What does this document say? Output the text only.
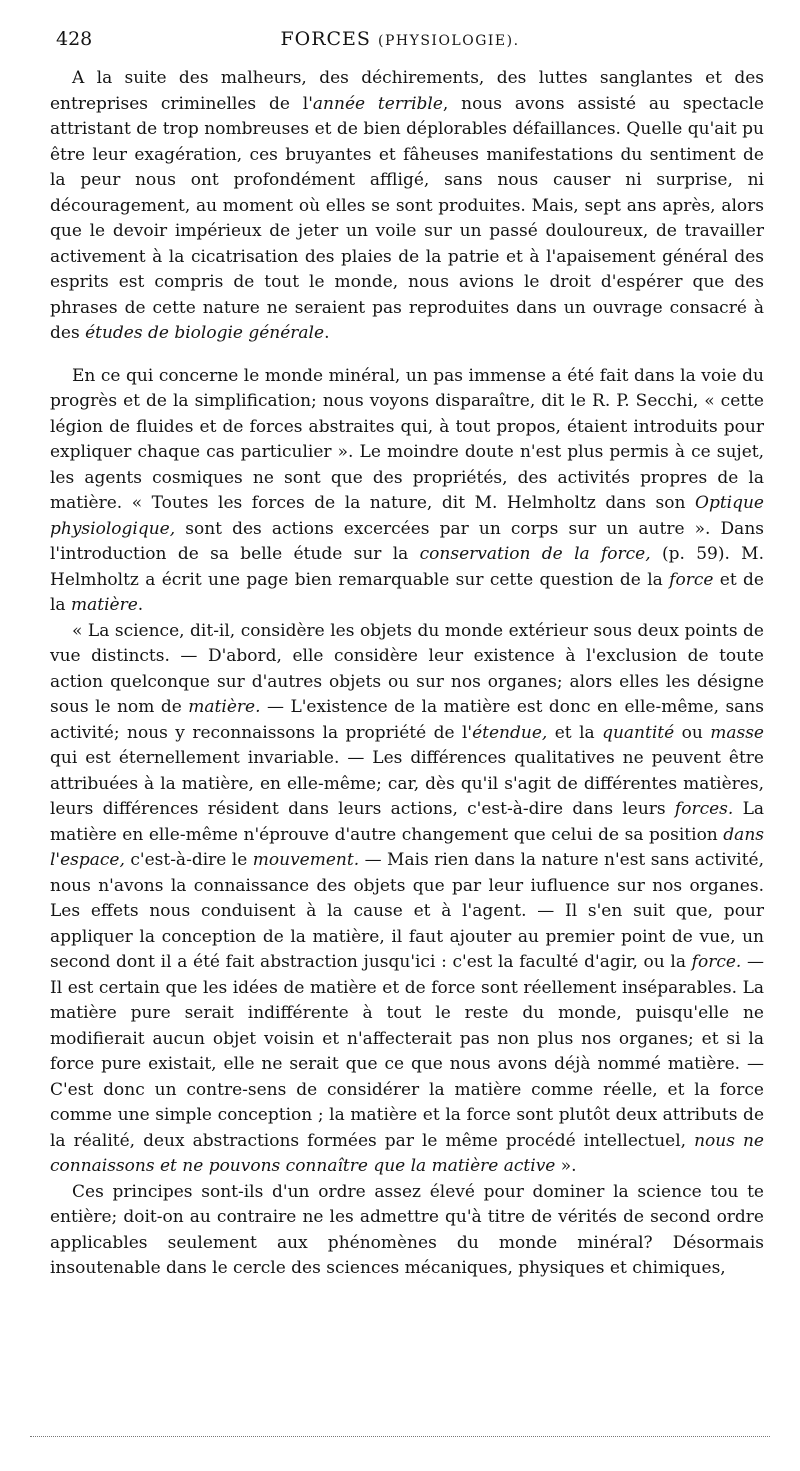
428	FORCES (PHYSIOLOGIE).

A la suite des malheurs, des déchirements, des luttes sanglantes et des entreprises criminelles de l'année terrible, nous avons assisté au spectacle attristant de trop nombreuses et de bien déplorables défaillances. Quelle qu'ait pu être leur exagération, ces bruyantes et fâheuses manifestations du sentiment de la peur nous ont profondément affligé, sans nous causer ni surprise, ni découragement, au moment où elles se sont produites. Mais, sept ans après, alors que le devoir impérieux de jeter un voile sur un passé douloureux, de travailler activement à la cicatrisation des plaies de la patrie et à l'apaisement général des esprits est compris de tout le monde, nous avions le droit d'espérer que des phrases de cette nature ne seraient pas reproduites dans un ouvrage consacré à des études de biologie générale.

En ce qui concerne le monde minéral, un pas immense a été fait dans la voie du progrès et de la simplification; nous voyons disparaître, dit le R. P. Secchi, « cette légion de fluides et de forces abstraites qui, à tout propos, étaient introduits pour expliquer chaque cas particulier ». Le moindre doute n'est plus permis à ce sujet, les agents cosmiques ne sont que des propriétés, des activités propres de la matière. « Toutes les forces de la nature, dit M. Helmholtz dans son Optique physiologique, sont des actions excercées par un corps sur un autre ». Dans l'introduction de sa belle étude sur la conservation de la force, (p. 59). M. Helmholtz a écrit une page bien remarquable sur cette question de la force et de la matière.

« La science, dit-il, considère les objets du monde extérieur sous deux points de vue distincts. — D'abord, elle considère leur existence à l'exclusion de toute action quelconque sur d'autres objets ou sur nos organes; alors elles les désigne sous le nom de matière. — L'existence de la matière est donc en elle-même, sans activité; nous y reconnaissons la propriété de l'étendue, et la quantité ou masse qui est éternellement invariable. — Les différences qualitatives ne peuvent être attribuées à la matière, en elle-même; car, dès qu'il s'agit de différentes matières, leurs différences résident dans leurs actions, c'est-à-dire dans leurs forces. La matière en elle-même n'éprouve d'autre changement que celui de sa position dans l'espace, c'est-à-dire le mouvement. — Mais rien dans la nature n'est sans activité, nous n'avons la connaissance des objets que par leur iufluence sur nos organes. Les effets nous conduisent à la cause et à l'agent. — Il s'en suit que, pour appliquer la conception de la matière, il faut ajouter au premier point de vue, un second dont il a été fait abstraction jusqu'ici : c'est la faculté d'agir, ou la force. — Il est certain que les idées de matière et de force sont réellement inséparables. La matière pure serait indifférente à tout le reste du monde, puisqu'elle ne modifierait aucun objet voisin et n'affecterait pas non plus nos organes; et si la force pure existait, elle ne serait que ce que nous avons déjà nommé matière. — C'est donc un contre-sens de considérer la matière comme réelle, et la force comme une simple conception ; la matière et la force sont plutôt deux attributs de la réalité, deux abstractions formées par le même procédé intellectuel, nous ne connaissons et ne pouvons connaître que la matière active ».

Ces principes sont-ils d'un ordre assez élevé pour dominer la science tou te entière; doit-on au contraire ne les admettre qu'à titre de vérités de second ordre applicables seulement aux phénomènes du monde minéral? Désormais insoutenable dans le cercle des sciences mécaniques, physiques et chimiques,
